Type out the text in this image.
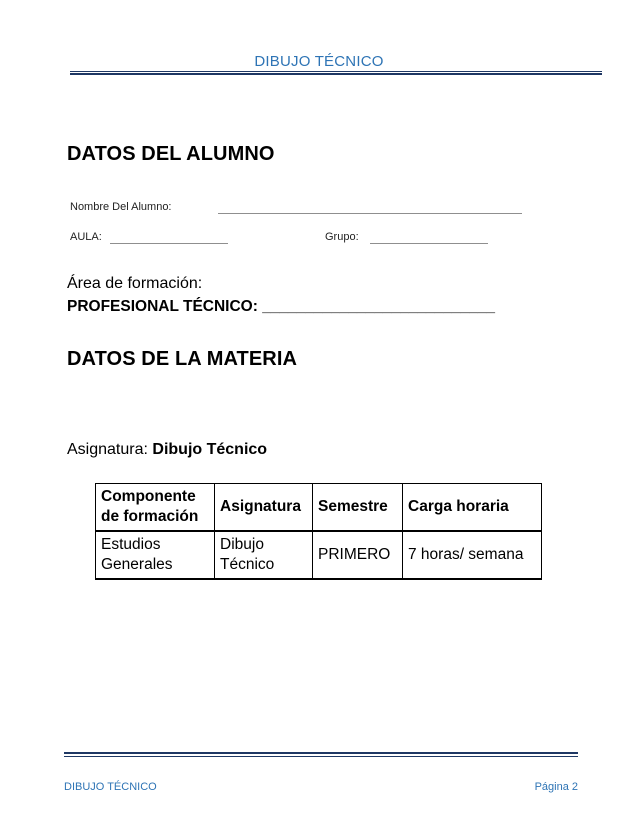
DIBUJO TÉCNICO
DATOS DEL ALUMNO
Nombre Del Alumno:
AULA:	Grupo:
Área de formación:
PROFESIONAL TÉCNICO: ___________________________
DATOS DE LA MATERIA
Asignatura: Dibujo Técnico
Componente de formación	Asignatura	Semestre	Carga horaria
Estudios Generales	Dibujo Técnico	PRIMERO	7 horas/ semana
DIBUJO TÉCNICO	Página 2
